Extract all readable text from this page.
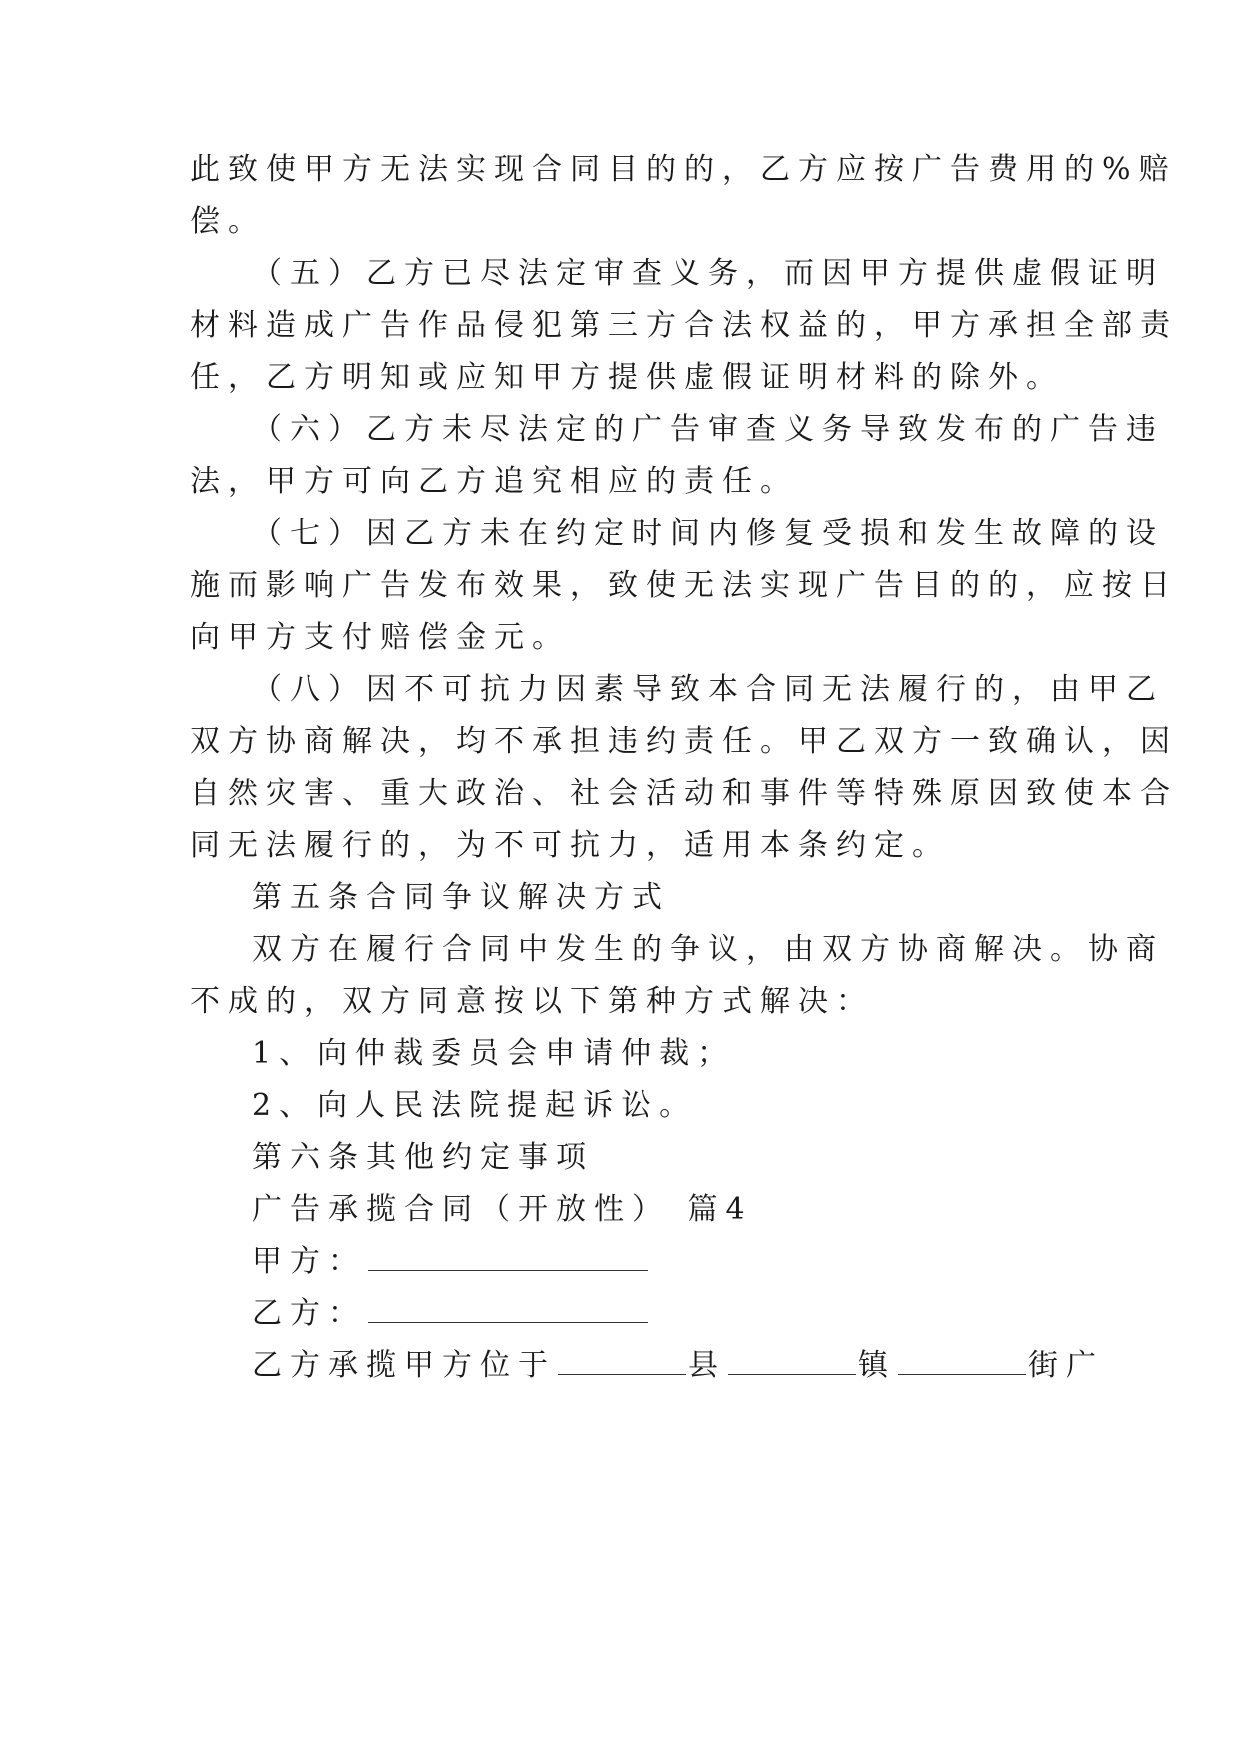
此致使甲方无法实现合同目的的，乙方应按广告费用的%赔
偿。
（五）乙方已尽法定审查义务，而因甲方提供虚假证明
材料造成广告作品侵犯第三方合法权益的，甲方承担全部责
任，乙方明知或应知甲方提供虚假证明材料的除外。
（六）乙方未尽法定的广告审查义务导致发布的广告违
法，甲方可向乙方追究相应的责任。
（七）因乙方未在约定时间内修复受损和发生故障的设
施而影响广告发布效果，致使无法实现广告目的的，应按日
向甲方支付赔偿金元。
（八）因不可抗力因素导致本合同无法履行的，由甲乙
双方协商解决，均不承担违约责任。甲乙双方一致确认，因
自然灾害、重大政治、社会活动和事件等特殊原因致使本合
同无法履行的，为不可抗力，适用本条约定。
第五条合同争议解决方式
双方在履行合同中发生的争议，由双方协商解决。协商
不成的，双方同意按以下第种方式解决：
1、向仲裁委员会申请仲裁；
2、向人民法院提起诉讼。
第六条其他约定事项
广告承揽合同（开放性） 篇4
甲方：
乙方：
乙方承揽甲方位于	县	镇	街广
